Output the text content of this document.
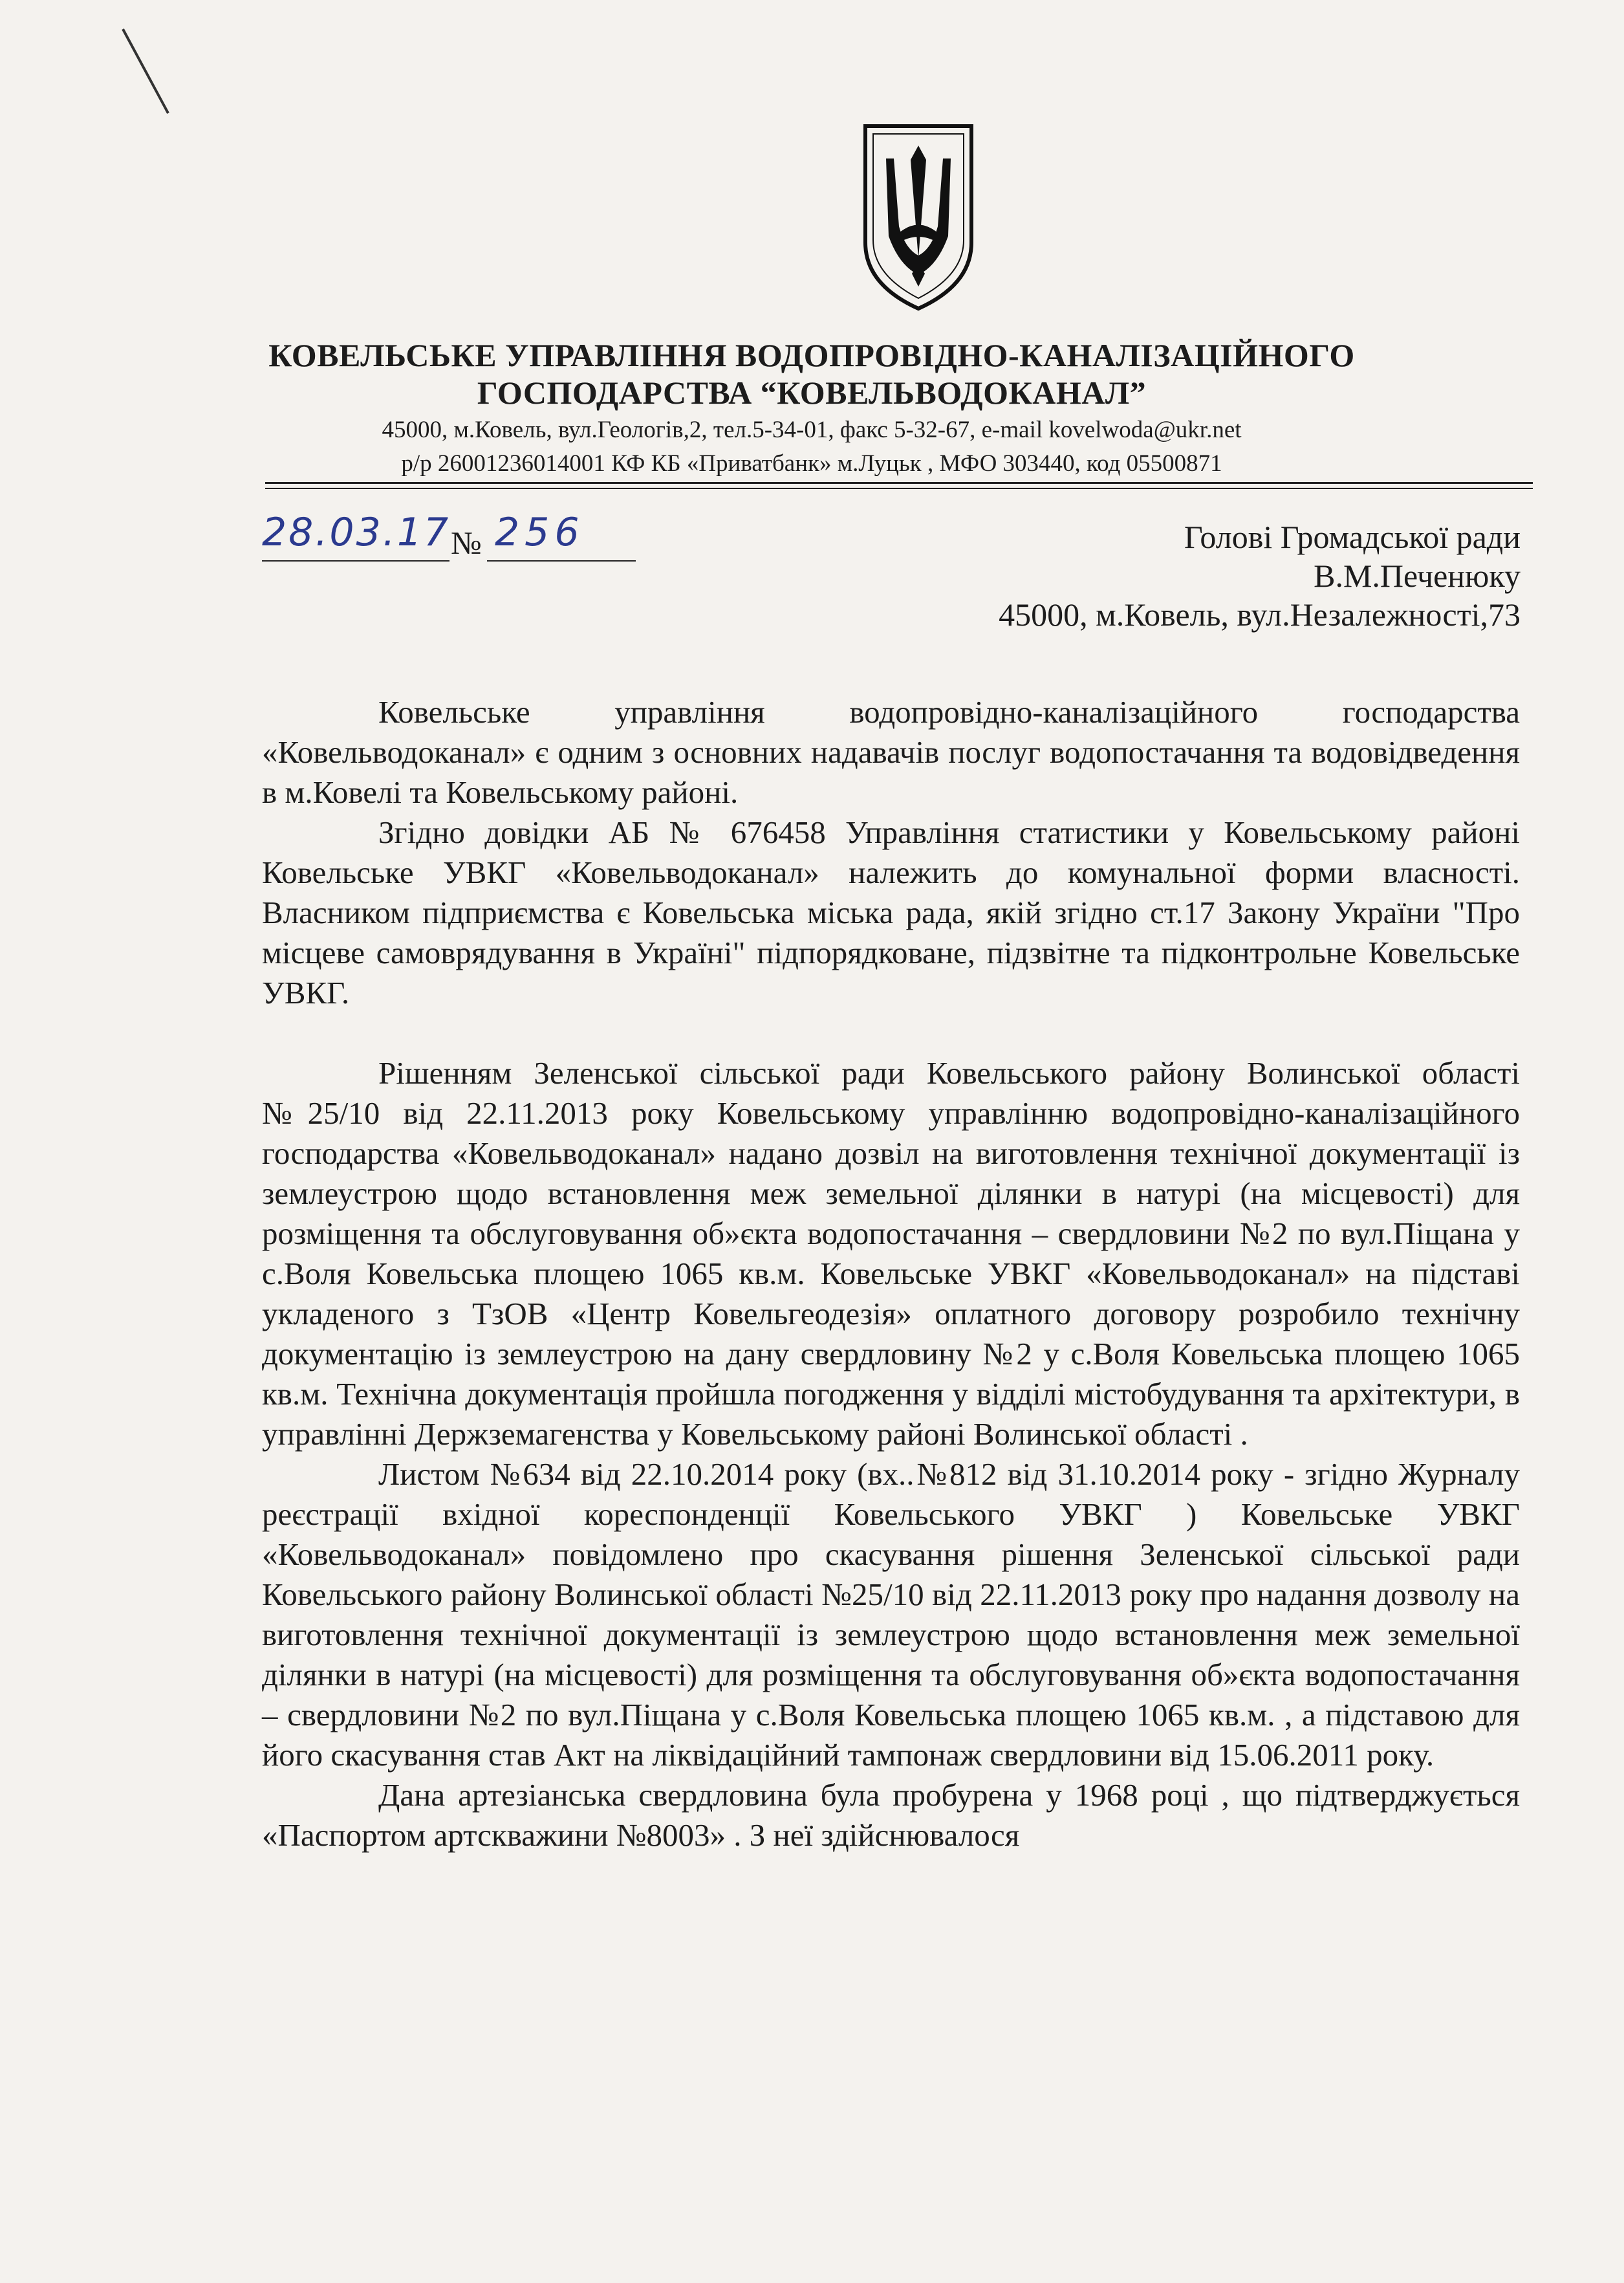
КОВЕЛЬСЬКЕ УПРАВЛІННЯ ВОДОПРОВІДНО-КАНАЛІЗАЦІЙНОГО
ГОСПОДАРСТВА “КОВЕЛЬВОДОКАНАЛ”
45000, м.Ковель, вул.Геологів,2, тел.5-34-01, факс 5-32-67, e-mail kovelwoda@ukr.net
р/р 26001236014001 КФ КБ «Приватбанк» м.Луцьк , МФО 303440, код 05500871
28.03.17 № 256	Голові Громадської ради
В.М.Печенюку
45000, м.Ковель, вул.Незалежності,73

Ковельське управління водопровідно-каналізаційного господарства «Ковельводоканал» є одним з основних надавачів послуг водопостачання та водовідведення в м.Ковелі та Ковельському районі.

Згідно довідки АБ № 676458 Управління статистики у Ковельському районі Ковельське УВКГ «Ковельводоканал» належить до комунальної форми власності. Власником підприємства є Ковельська міська рада, якій згідно ст.17 Закону України "Про місцеве самоврядування в Україні" підпорядковане, підзвітне та підконтрольне Ковельське УВКГ.

Рішенням Зеленської сільської ради Ковельського району Волинської області №25/10 від 22.11.2013 року Ковельському управлінню водопровідно-каналізаційного господарства «Ковельводоканал» надано дозвіл на виготовлення технічної документації із землеустрою щодо встановлення меж земельної ділянки в натурі (на місцевості) для розміщення та обслуговування об»єкта водопостачання – свердловини №2 по вул.Піщана у с.Воля Ковельська площею 1065 кв.м. Ковельське УВКГ «Ковельводоканал» на підставі укладеного з ТзОВ «Центр Ковельгеодезія» оплатного договору розробило технічну документацію із землеустрою на дану свердловину №2 у с.Воля Ковельська площею 1065 кв.м. Технічна документація пройшла погодження у відділі містобудування та архітектури, в управлінні Держземагенства у Ковельському районі Волинської області .

Листом №634 від 22.10.2014 року (вх..№812 від 31.10.2014 року - згідно Журналу реєстрації вхідної кореспонденції Ковельського УВКГ ) Ковельське УВКГ «Ковельводоканал» повідомлено про скасування рішення Зеленської сільської ради Ковельського району Волинської області №25/10 від 22.11.2013 року про надання дозволу на виготовлення технічної документації із землеустрою щодо встановлення меж земельної ділянки в натурі (на місцевості) для розміщення та обслуговування об»єкта водопостачання – свердловини №2 по вул.Піщана у с.Воля Ковельська площею 1065 кв.м. , а підставою для його скасування став Акт на ліквідаційний тампонаж свердловини від 15.06.2011 року.

Дана артезіанська свердловина була пробурена у 1968 році , що підтверджується «Паспортом артскважини №8003» . З неї здійснювалося
